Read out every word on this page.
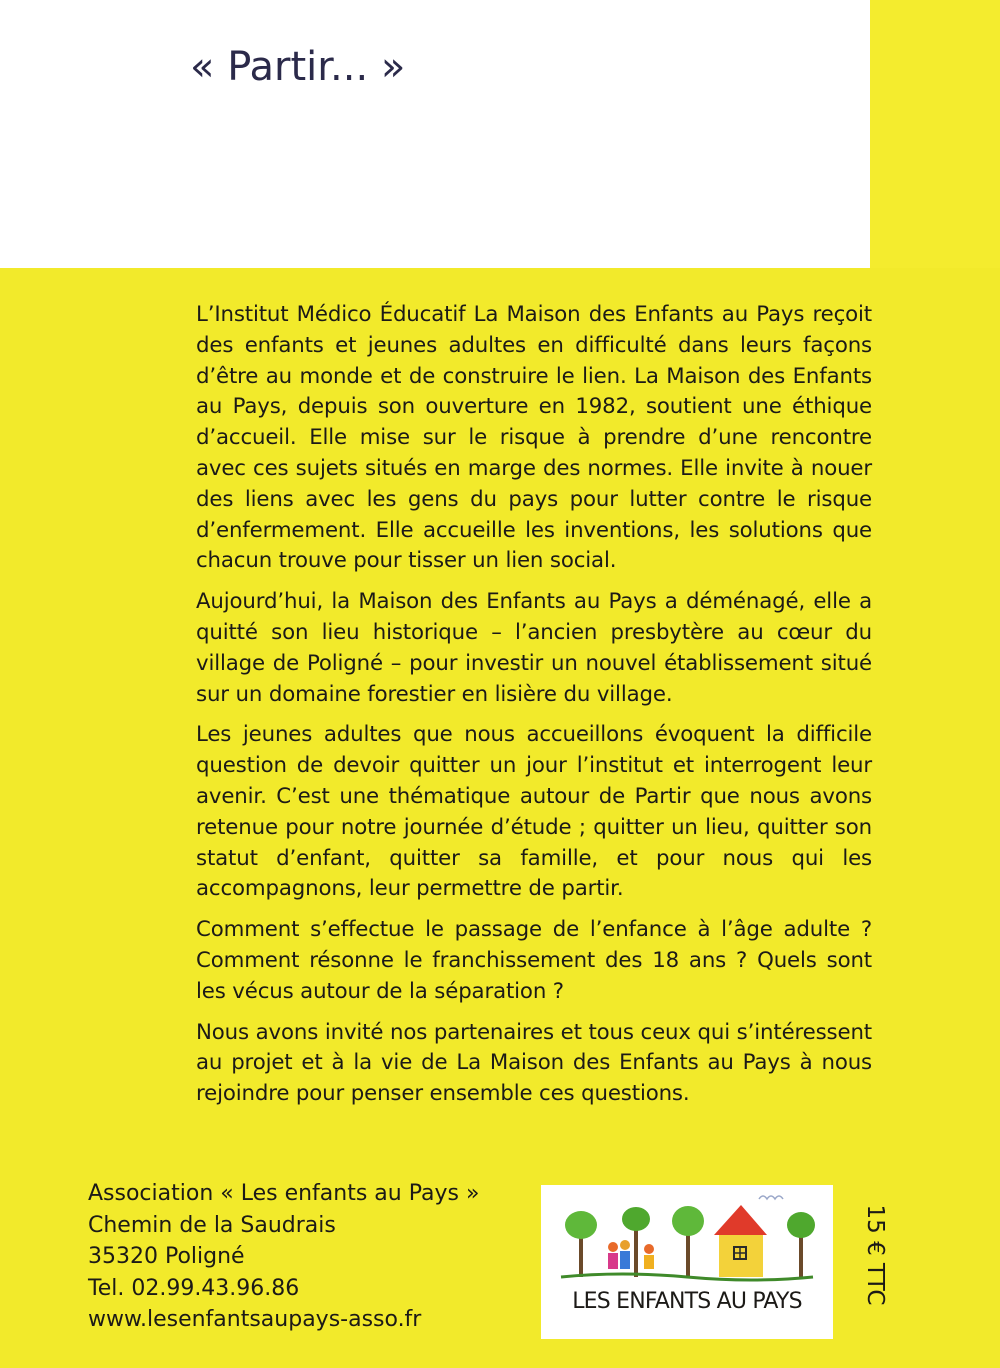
« Partir... »

L’Institut Médico Éducatif La Maison des Enfants au Pays reçoit des enfants et jeunes adultes en difficulté dans leurs façons d’être au monde et de construire le lien. La Maison des Enfants au Pays, depuis son ouverture en 1982, soutient une éthique d’accueil. Elle mise sur le risque à prendre d’une rencontre avec ces sujets situés en marge des normes. Elle invite à nouer des liens avec les gens du pays pour lutter contre le risque d’enfermement. Elle accueille les inventions, les solutions que chacun trouve pour tisser un lien social.

Aujourd’hui, la Maison des Enfants au Pays a déménagé, elle a quitté son lieu historique – l’ancien presbytère au cœur du village de Poligné – pour investir un nouvel établissement situé sur un domaine forestier en lisière du village.

Les jeunes adultes que nous accueillons évoquent la difficile question de devoir quitter un jour l’institut et interrogent leur avenir. C’est une thématique autour de Partir que nous avons retenue pour notre journée d’étude ; quitter un lieu, quitter son statut d’enfant, quitter sa famille, et pour nous qui les accompagnons, leur permettre de partir.

Comment s’effectue le passage de l’enfance à l’âge adulte ? Comment résonne le franchissement des 18 ans ? Quels sont les vécus autour de la séparation ?

Nous avons invité nos partenaires et tous ceux qui s’intéressent au projet et à la vie de La Maison des Enfants au Pays à nous rejoindre pour penser ensemble ces questions.

Association « Les enfants au Pays »
Chemin de la Saudrais
35320 Poligné
Tel. 02.99.43.96.86
www.lesenfantsaupays-asso.fr
LES ENFANTS AU PAYS	15 € TTC
